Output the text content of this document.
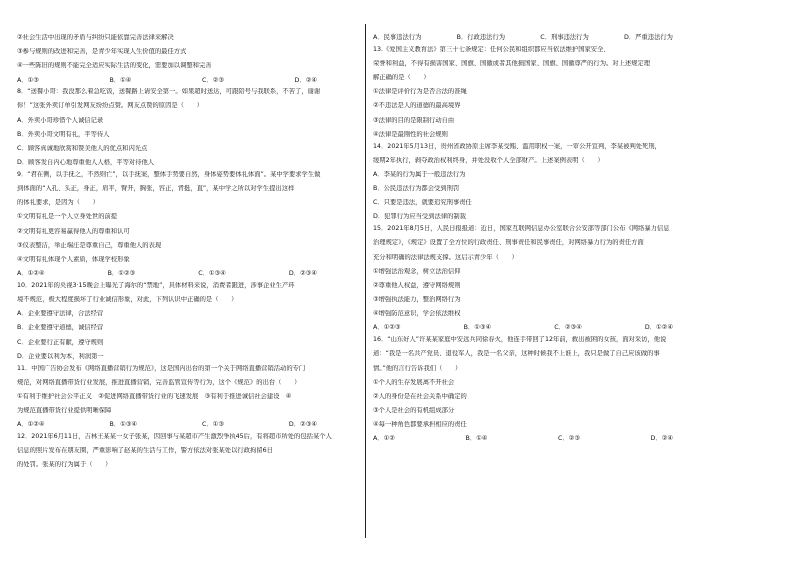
②社会生活中出现的矛盾与纠纷只能依靠完善法律来解决
③参与规则的改进和完善，是青少年实现人生价值的最佳方式
④一些陈旧的规则不能完全适应实际生活的变化，需要加以调整和完善
A．①③	B．①④	C．②③	D．②④
8．“送餐小哥：我没那么着急吃饭，送餐路上请安全第一。如果超时送达，可跟陪号与我联系，不苦了，谢谢
你！”这张外卖订单引发网友纷纷点赞。网友点赞的原因是（　　）
A．外卖小哥珍惜个人诚信记录
B．外卖小哥文明有礼，平等待人
C．顾客真诚地欣赏和赞美他人的优点和闪光点
D．顾客发自内心地尊重他人人格，平等对待他人
9．“君在侧，以手抚之，不然则亡”，以手抚案，整体手势要自然，身体姿势要体礼体面”。某中学要求学生做
到体面的“入孔、头正，身正，肩平，臂开，胸张，容正，背挺，直”，某中学之所以对学生提出这样
的体礼要求，是因为（　　）
①文明有礼是一个人立身处世的前提
②文明有礼更容易赢得他人的尊重和认可
③仪表整洁，举止端庄是尊重自己，尊重他人的表现
④文明有礼体现个人素质，体现学校形象
A．①②④	B．①②③	C．①③④	D．②③④
10．2021年的央视3·15晚会上曝光了海尔的“禁地”，具体材料来说，消费者跟进，涉事企业生产环
境不规范，极大程度损坏了行业诚信形象，对此，下列认识中正确的是（　　）
A．企业要遵守法律，合法经营
B．企业要遵守道德，诚信经营
C．企业要行正有献，遵守规则
D．企业要以利为本，利润第一
11．中国广告协会发布《网络直播营销行为规范》，这是国内出台的第一个关于网络直播营销活动的专门
规范，对网络直播带货行业发展，推进直播营销，完善监管宣传等行为，这个《规范》的出台（　　）
①有利于维护社会公平正义　②促进网络直播带货行业的飞速发展　③有利于推进诚信社会建设　④
为规范直播带货行业提供明晰保障
A．①②④	B．①③④	C．①③	D．②③④
12．2021年6月11日，吉林王某某一女子张某，因回事与某超市产生激烈争执45后，有将超市所处的包括某个人
信息的照片发布在朋友圈，严重影响了赵某的生活与工作，警方依法对张某处以行政拘留6日
的处罚。张某的行为属于（　　）
A．民事违法行为	B．行政违法行为	C．刑事违法行为	D．严重违法行为
13.《爱国主义教育法》第三十七条规定：任何公民和组织都应当依法维护国家安全、
荣誉和利益，不得有损害国家、国旗、国徽或者其他损国家、国旗、国徽尊严的行为。对上述规定理
解正确的是（　　）
①法律是评价行为是否合法的准绳
②不违法是人的道德的最高境界
③法律的目的是限制行动自由
④法律是最刚性的社会规则
14．2021年5月13日，贵州省政协原主席李某受贿、滥用职权一案，一审公开宣判，李某被判处死刑，
缓期2年执行，剥夺政治权利终身，并处没收个人全部财产。上述案例表明（　　）
A．李某的行为属于一般违法行为
B．公民违法行为都会受到刑罚
C．只要是违法，就要追究刑事责任
D．犯罪行为应当受到法律的制裁
15．2021年8月5日，人民日报报道：近日，国家互联网信息办公室联合公安部等部门公布《网络暴力信息
治理规定》，《规定》设置了全方位的行政责任、刑事责任和民事责任，对网络暴力行为的责任方面
充分和明确的法律法规支撑。这启示青少年（　　）
①增强法治观念，树立法治信仰
②尊重他人权益，遵守网络规则
③增强执法能力，整治网络行为
④增强防范意识，学会依法维权
A．①②③	B．①③④	C．②③④	D．①②④
16．“山东好人”许某某家庭中安远兵同徐春火，他连手带回了12年前，救出被困的女孩，面对采访，他说
道：“我是一名共产党员、退役军人，我是一名父亲，这种时候我不上谁上，我只是做了自己应该做的事
情。”他的言行告诉我们（　　）
①个人的生存发展离不开社会
②人的身份是在社会关系中确定的
③个人是社会的有机组成部分
④每一种角色都要承担相应的责任
A．①②	B．①④	C．②③	D．②④
